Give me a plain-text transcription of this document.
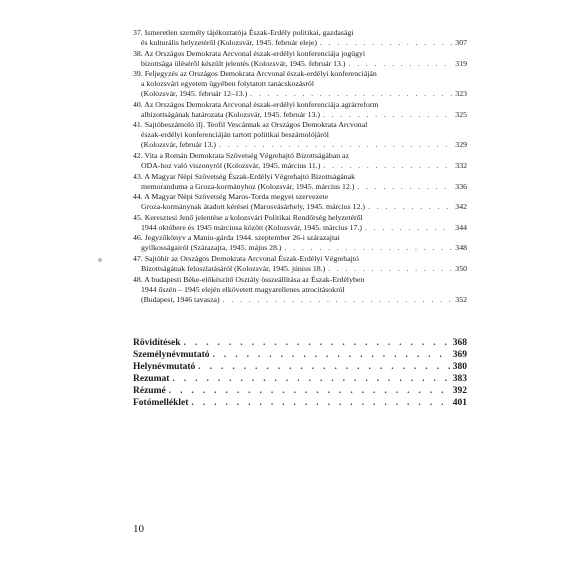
37. Ismeretlen személy tájékoztatója Észak-Erdély politikai, gazdasági
és kulturális helyzetéről (Kolozsvár, 1945. február eleje) . . .	307
38. Az Országos Demokrata Arcvonal észak-erdélyi konferenciája jogügyi
bizottsága üléséről készült jelentés (Kolozsvár, 1945. február 13.) . . .	319
39. Feljegyzés az Országos Demokrata Arcvonal észak-erdélyi konferenciáján
a kolozsvári egyetem ügyében folytatott tanácskozásról
(Kolozsvár, 1945. február 12–13.) . . .	323
40. Az Országos Demokrata Arcvonal észak-erdélyi konferenciája agrárreform
albizottságának határozata (Kolozsvár, 1945. február 13.) . . .	325
41. Sajtóbeszámoló ifj. Teofil Vescánnak az Országos Demokrata Arcvonal
észak-erdélyi konferenciáján tartott politikai beszámolójáról
(Kolozsvár, február 13.) . . .	329
42. Vita a Román Demokrata Szövetség Végrehajtó Bizottságában az
ODA-hoz való viszonyról (Kolozsvár, 1945. március 11.) . . .	332
43. A Magyar Népi Szövetség Észak-Erdélyi Végrehajtó Bizottságának
memoranduma a Groza-kormányhoz (Kolozsvár, 1945. március 12.) . . .	336
44. A Magyar Népi Szövetség Maros-Torda megyei szervezete
Groza-kormánynak átadott kérései (Marosvásárhely, 1945. március 12.) . . .	342
45. Keresztesi Jenő jelentése a kolozsvári Politikai Rendőrség helyzetéről
1944 októbere és 1945 márciusa között (Kolozsvár, 1945. március 17.) . . .	344
46. Jegyzőkönyv a Maniu-gárda 1944. szeptember 26-i szárazajtai
gyilkosságairól (Szárazajta, 1945. május 28.) . . .	348
47. Sajtóhír az Országos Demokrata Arcvonal Észak-Erdélyi Végrehajtó
Bizottságának feloszlatásáról (Kolozsvár, 1945. június 18.) . . .	350
48. A budapesti Béke-előkészítő Osztály összeállítása az Észak-Erdélyben
1944 őszén – 1945 elején elkövetett magyarellenes atrocitásokról
(Budapest, 1946 tavasza) . . .	352
Rövidítések . . .	368
Személynévmutató . . .	369
Helynévmutató . . .	380
Rezumat . . .	383
Rézumé . . .	392
Fotómelléklet . . .	401
10
